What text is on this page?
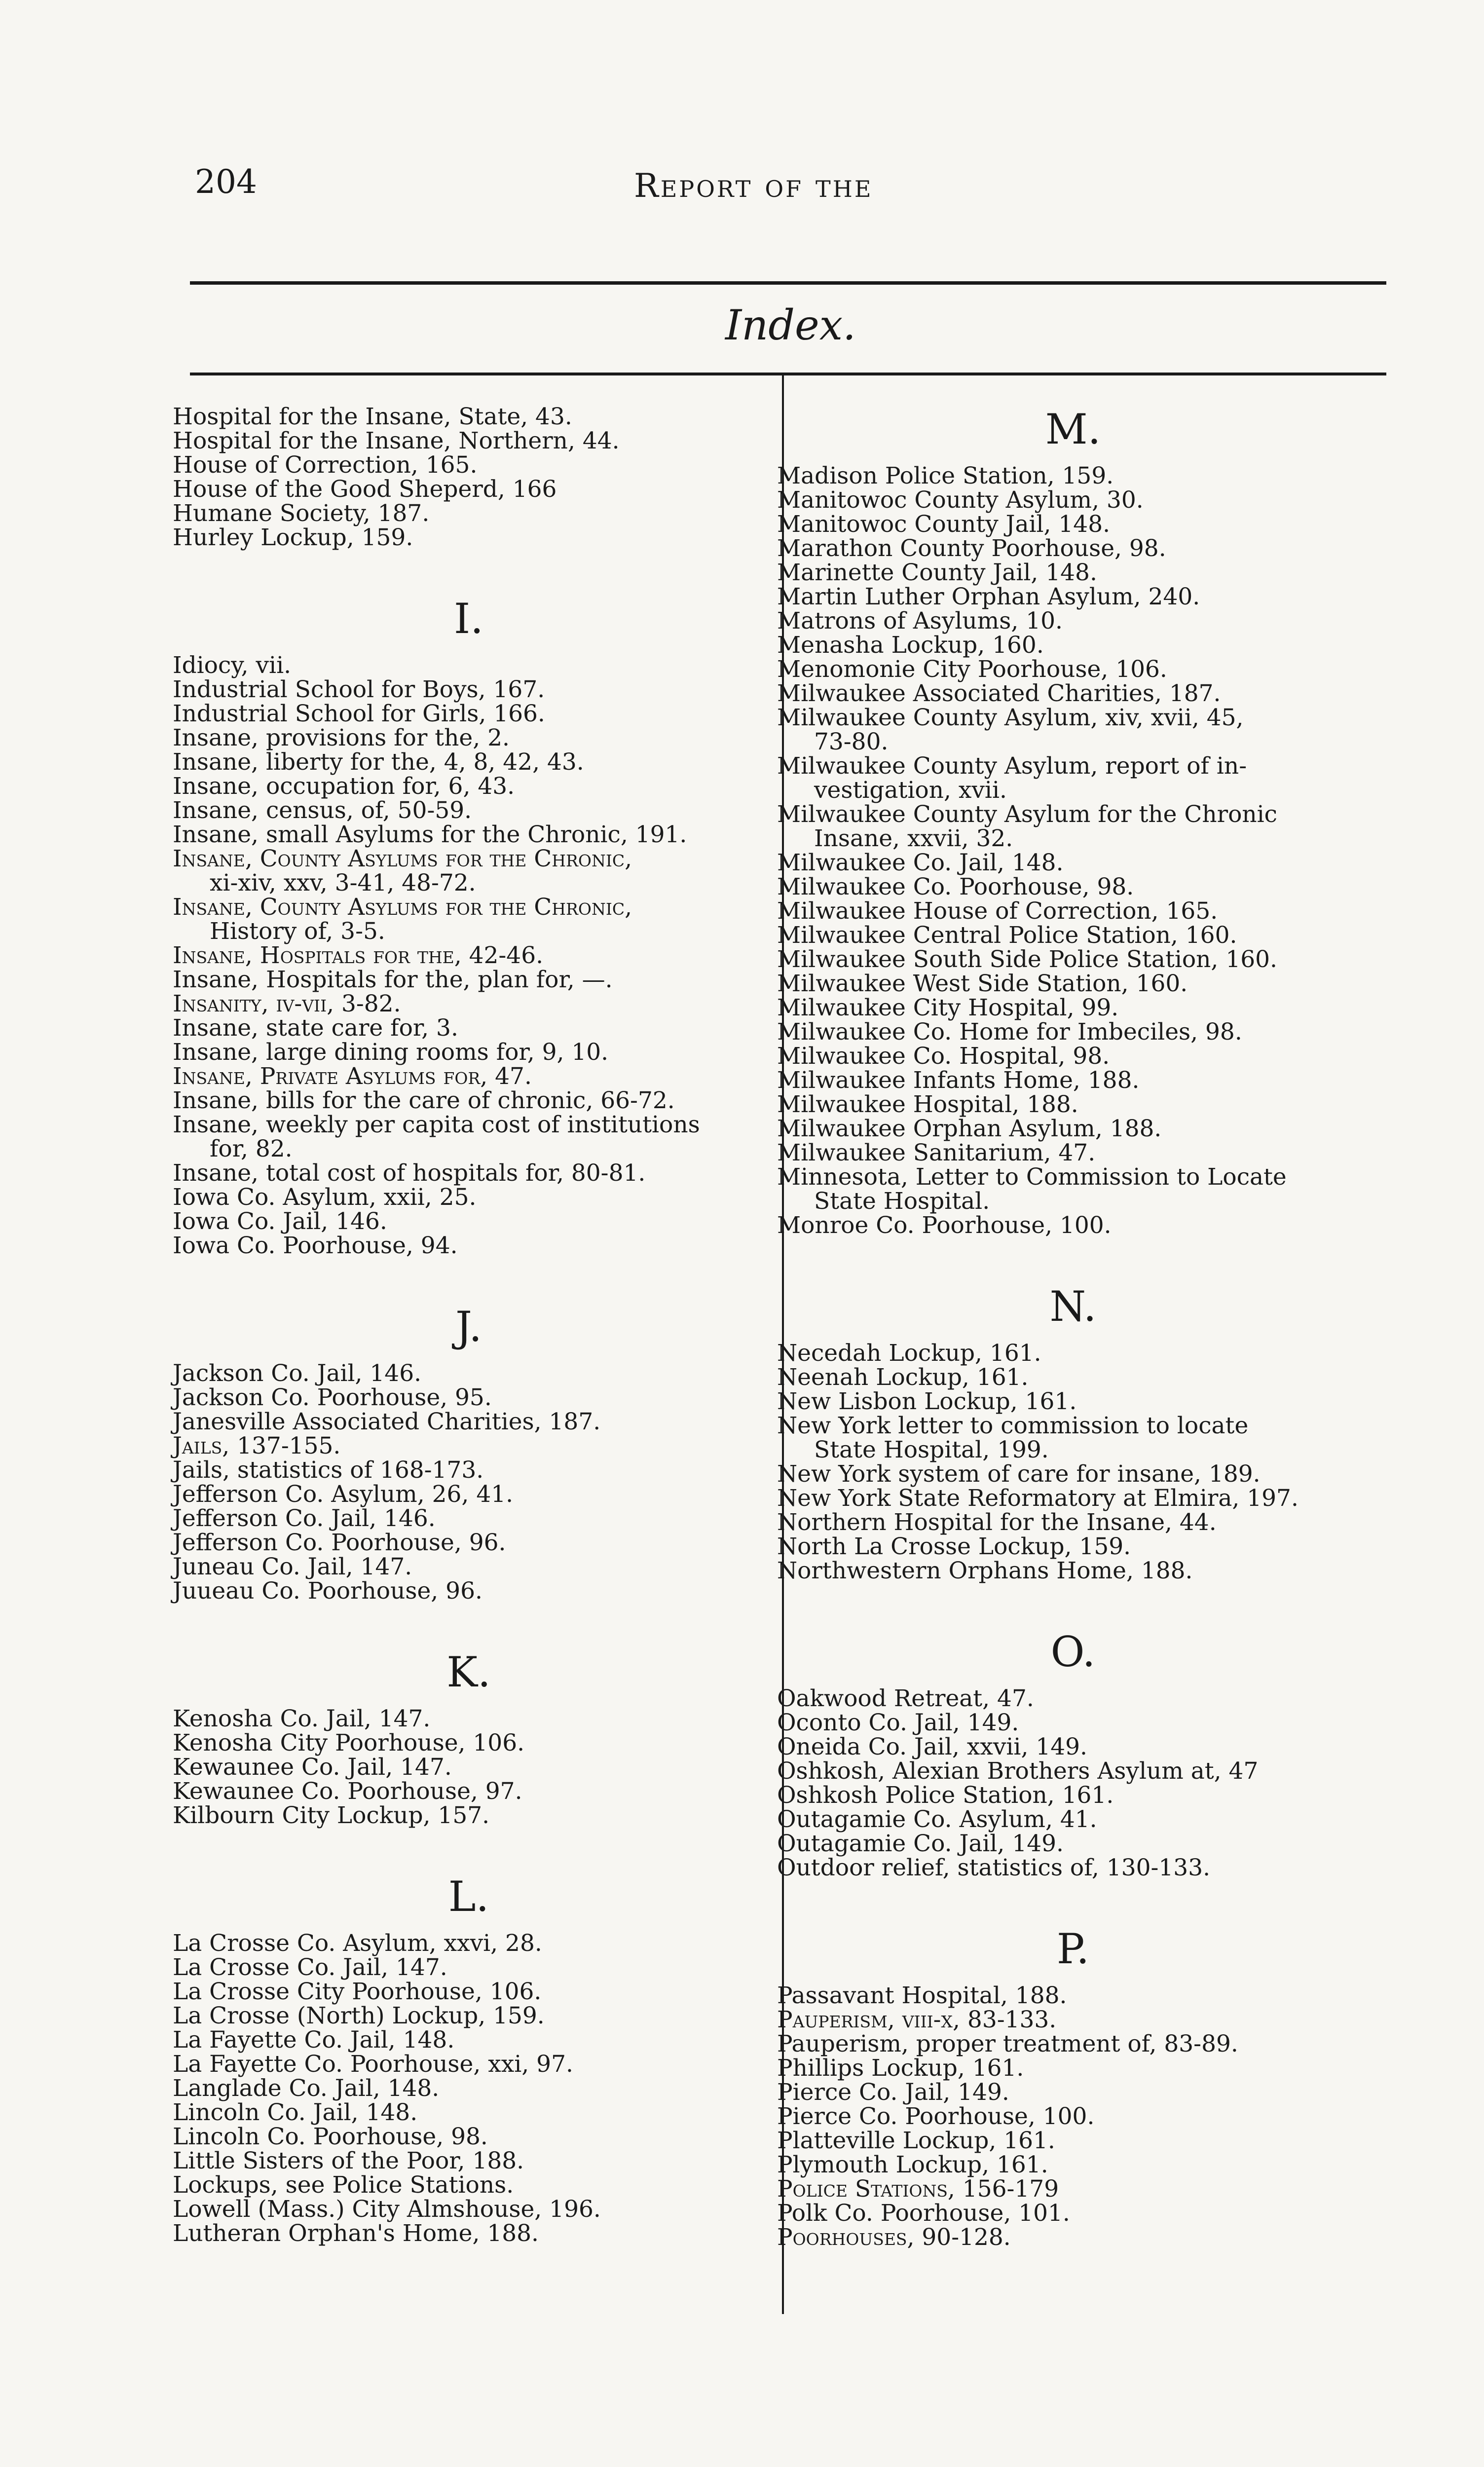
204	Report of the
Index.
Hospital for the Insane, State, 43.
Hospital for the Insane, Northern, 44.
House of Correction, 165.
House of the Good Sheperd, 166
Humane Society, 187.
Hurley Lockup, 159.
I.
Idiocy, vii.
Industrial School for Boys, 167.
Industrial School for Girls, 166.
Insane, provisions for the, 2.
Insane, liberty for the, 4, 8, 42, 43.
Insane, occupation for, 6, 43.
Insane, census, of, 50-59.
Insane, small Asylums for the Chronic, 191.
Insane, County Asylums for the Chronic,
xi-xiv, xxv, 3-41, 48-72.
Insane, County Asylums for the Chronic,
History of, 3-5.
Insane, Hospitals for the, 42-46.
Insane, Hospitals for the, plan for, —.
Insanity, iv-vii, 3-82.
Insane, state care for, 3.
Insane, large dining rooms for, 9, 10.
Insane, Private Asylums for, 47.
Insane, bills for the care of chronic, 66-72.
Insane, weekly per capita cost of institutions
for, 82.
Insane, total cost of hospitals for, 80-81.
Iowa Co. Asylum, xxii, 25.
Iowa Co. Jail, 146.
Iowa Co. Poorhouse, 94.
J.
Jackson Co. Jail, 146.
Jackson Co. Poorhouse, 95.
Janesville Associated Charities, 187.
Jails, 137-155.
Jails, statistics of 168-173.
Jefferson Co. Asylum, 26, 41.
Jefferson Co. Jail, 146.
Jefferson Co. Poorhouse, 96.
Juneau Co. Jail, 147.
Juueau Co. Poorhouse, 96.
K.
Kenosha Co. Jail, 147.
Kenosha City Poorhouse, 106.
Kewaunee Co. Jail, 147.
Kewaunee Co. Poorhouse, 97.
Kilbourn City Lockup, 157.
L.
La Crosse Co. Asylum, xxvi, 28.
La Crosse Co. Jail, 147.
La Crosse City Poorhouse, 106.
La Crosse (North) Lockup, 159.
La Fayette Co. Jail, 148.
La Fayette Co. Poorhouse, xxi, 97.
Langlade Co. Jail, 148.
Lincoln Co. Jail, 148.
Lincoln Co. Poorhouse, 98.
Little Sisters of the Poor, 188.
Lockups, see Police Stations.
Lowell (Mass.) City Almshouse, 196.
Lutheran Orphan's Home, 188.
M.
Madison Police Station, 159.
Manitowoc County Asylum, 30.
Manitowoc County Jail, 148.
Marathon County Poorhouse, 98.
Marinette County Jail, 148.
Martin Luther Orphan Asylum, 240.
Matrons of Asylums, 10.
Menasha Lockup, 160.
Menomonie City Poorhouse, 106.
Milwaukee Associated Charities, 187.
Milwaukee County Asylum, xiv, xvii, 45,
73-80.
Milwaukee County Asylum, report of in-
vestigation, xvii.
Milwaukee County Asylum for the Chronic
Insane, xxvii, 32.
Milwaukee Co. Jail, 148.
Milwaukee Co. Poorhouse, 98.
Milwaukee House of Correction, 165.
Milwaukee Central Police Station, 160.
Milwaukee South Side Police Station, 160.
Milwaukee West Side Station, 160.
Milwaukee City Hospital, 99.
Milwaukee Co. Home for Imbeciles, 98.
Milwaukee Co. Hospital, 98.
Milwaukee Infants Home, 188.
Milwaukee Hospital, 188.
Milwaukee Orphan Asylum, 188.
Milwaukee Sanitarium, 47.
Minnesota, Letter to Commission to Locate
State Hospital.
Monroe Co. Poorhouse, 100.
N.
Necedah Lockup, 161.
Neenah Lockup, 161.
New Lisbon Lockup, 161.
New York letter to commission to locate
State Hospital, 199.
New York system of care for insane, 189.
New York State Reformatory at Elmira, 197.
Northern Hospital for the Insane, 44.
North La Crosse Lockup, 159.
Northwestern Orphans Home, 188.
O.
Oakwood Retreat, 47.
Oconto Co. Jail, 149.
Oneida Co. Jail, xxvii, 149.
Oshkosh, Alexian Brothers Asylum at, 47
Oshkosh Police Station, 161.
Outagamie Co. Asylum, 41.
Outagamie Co. Jail, 149.
Outdoor relief, statistics of, 130-133.
P.
Passavant Hospital, 188.
Pauperism, viii-x, 83-133.
Pauperism, proper treatment of, 83-89.
Phillips Lockup, 161.
Pierce Co. Jail, 149.
Pierce Co. Poorhouse, 100.
Platteville Lockup, 161.
Plymouth Lockup, 161.
Police Stations, 156-179
Polk Co. Poorhouse, 101.
Poorhouses, 90-128.
